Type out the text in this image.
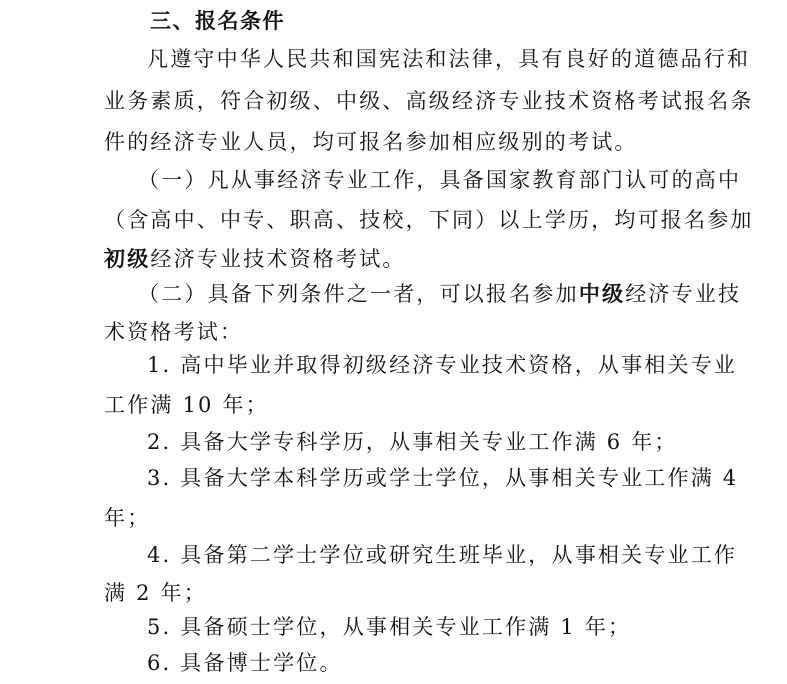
三、报名条件
凡遵守中华人民共和国宪法和法律，具有良好的道德品行和
业务素质，符合初级、中级、高级经济专业技术资格考试报名条
件的经济专业人员，均可报名参加相应级别的考试。
（一）凡从事经济专业工作，具备国家教育部门认可的高中
（含高中、中专、职高、技校，下同）以上学历，均可报名参加
初级经济专业技术资格考试。
（二）具备下列条件之一者，可以报名参加中级经济专业技
术资格考试：
1. 高中毕业并取得初级经济专业技术资格，从事相关专业
工作满 10 年；
2. 具备大学专科学历，从事相关专业工作满 6 年；
3. 具备大学本科学历或学士学位，从事相关专业工作满 4
年；
4. 具备第二学士学位或研究生班毕业，从事相关专业工作
满 2 年；
5. 具备硕士学位，从事相关专业工作满 1 年；
6. 具备博士学位。
